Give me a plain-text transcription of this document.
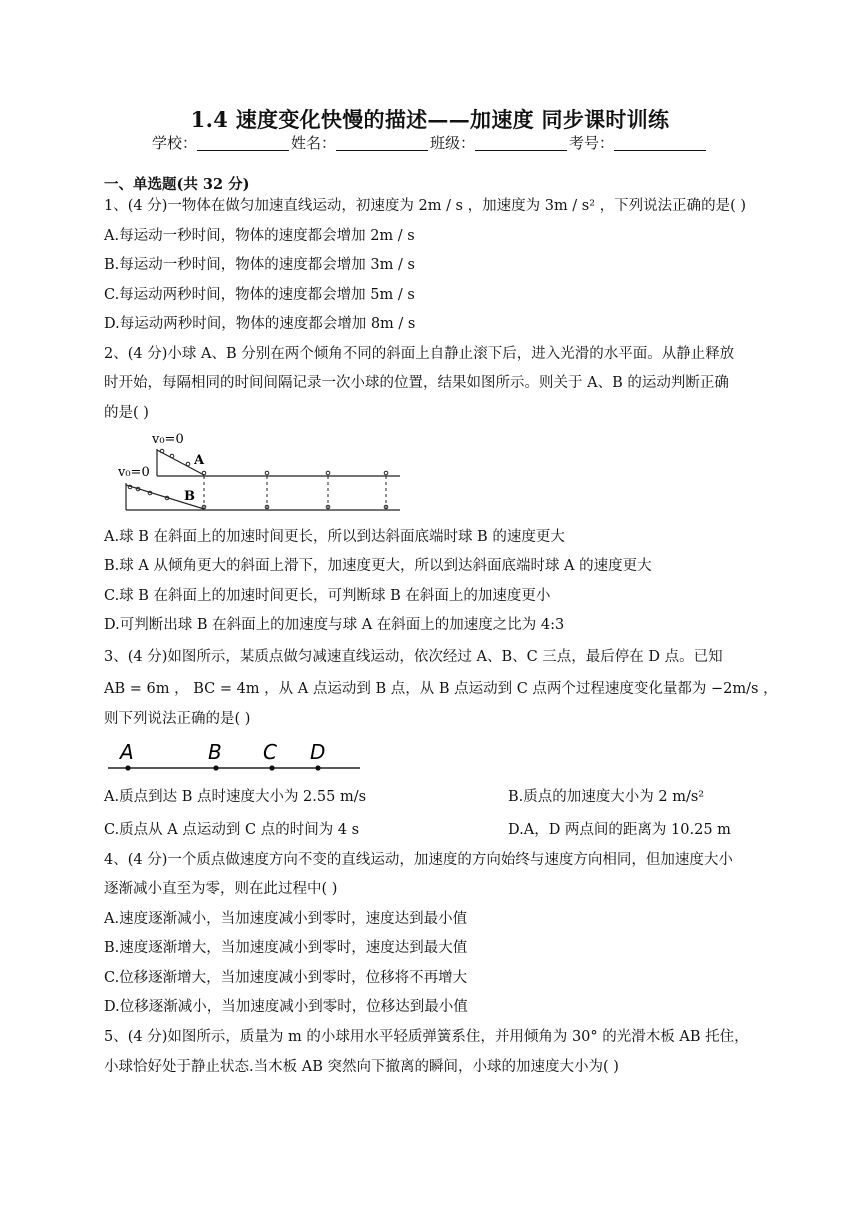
1.4 速度变化快慢的描述——加速度 同步课时训练
学校：	姓名：	班级：	考号：
一、单选题(共 32 分)
1、(4 分)一物体在做匀加速直线运动，初速度为 2m / s ，加速度为 3m / s² ，下列说法正确的是( )
A.每运动一秒时间，物体的速度都会增加 2m / s
B.每运动一秒时间，物体的速度都会增加 3m / s
C.每运动两秒时间，物体的速度都会增加 5m / s
D.每运动两秒时间，物体的速度都会增加 8m / s
2、(4 分)小球 A、B 分别在两个倾角不同的斜面上自静止滚下后，进入光滑的水平面。从静止释放
时开始，每隔相同的时间间隔记录一次小球的位置，结果如图所示。则关于 A、B 的运动判断正确
的是( )
v₀=0
v₀=0
A
B
A.球 B 在斜面上的加速时间更长，所以到达斜面底端时球 B 的速度更大
B.球 A 从倾角更大的斜面上滑下，加速度更大，所以到达斜面底端时球 A 的速度更大
C.球 B 在斜面上的加速时间更长，可判断球 B 在斜面上的加速度更小
D.可判断出球 B 在斜面上的加速度与球 A 在斜面上的加速度之比为 4:3
3、(4 分)如图所示，某质点做匀减速直线运动，依次经过 A、B、C 三点，最后停在 D 点。已知
AB = 6m ， BC = 4m ，从 A 点运动到 B 点，从 B 点运动到 C 点两个过程速度变化量都为 −2m/s ，
则下列说法正确的是( )
A	B C D
A.质点到达 B 点时速度大小为 2.55 m/s	B.质点的加速度大小为 2 m/s²
C.质点从 A 点运动到 C 点的时间为 4 s	D.A，D 两点间的距离为 10.25 m
4、(4 分)一个质点做速度方向不变的直线运动，加速度的方向始终与速度方向相同，但加速度大小
逐渐减小直至为零，则在此过程中( )
A.速度逐渐减小，当加速度减小到零时，速度达到最小值
B.速度逐渐增大，当加速度减小到零时，速度达到最大值
C.位移逐渐增大，当加速度减小到零时，位移将不再增大
D.位移逐渐减小，当加速度减小到零时，位移达到最小值
5、(4 分)如图所示，质量为 m 的小球用水平轻质弹簧系住，并用倾角为 30° 的光滑木板 AB 托住，
小球恰好处于静止状态.当木板 AB 突然向下撤离的瞬间，小球的加速度大小为( )
